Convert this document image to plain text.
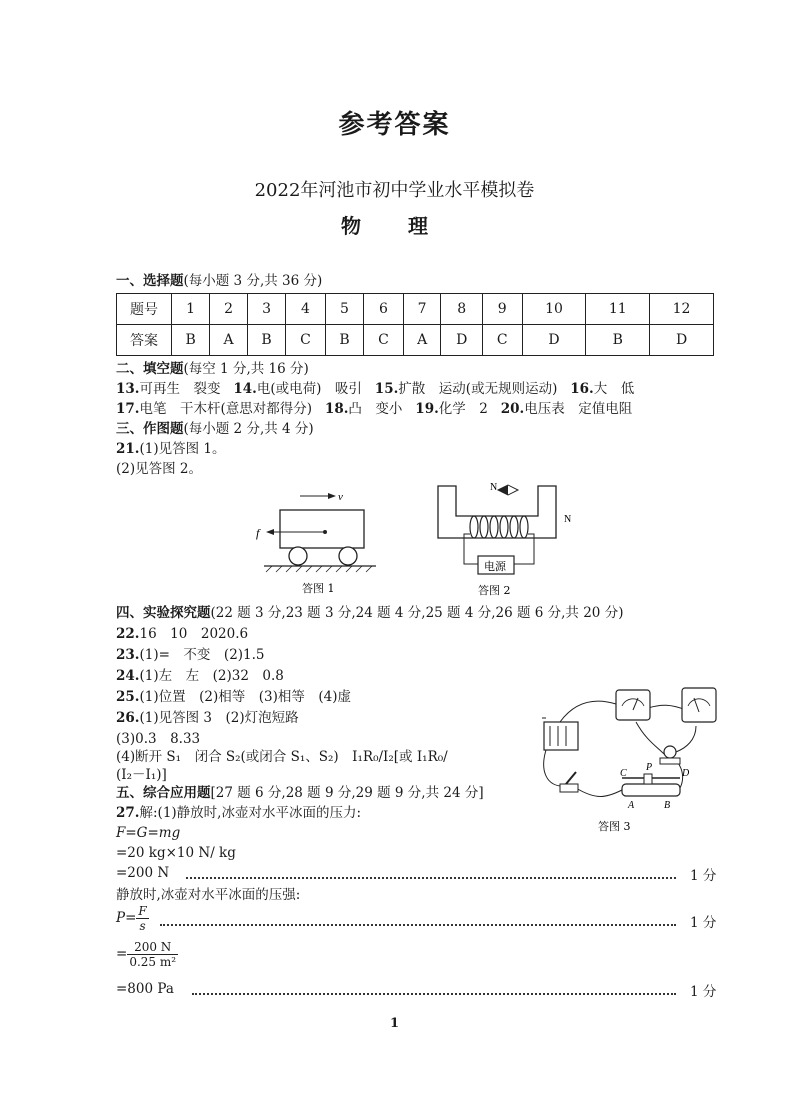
参考答案
2022年河池市初中学业水平模拟卷
物 理
一、选择题(每小题 3 分,共 36 分)
题号	1	2	3	4	5	6	7	8	9	10	11	12
答案	B	A	B	C	B	C	A	D	C	D	B	D
二、填空题(每空 1 分,共 16 分)
13.可再生　裂变 14.电(或电荷)　吸引 15.扩散　运动(或无规则运动) 16.大　低
17.电笔　干木杆(意思对都得分) 18.凸　变小 19.化学　2 20.电压表　定值电阻
三、作图题(每小题 2 分,共 4 分)
21.(1)见答图 1。
(2)见答图 2。
v
f
答图 1
N
电源
N
答图 2
四、实验探究题(22 题 3 分,23 题 3 分,24 题 4 分,25 题 4 分,26 题 6 分,共 20 分)
22.16　10　2020.6
23.(1)=　不变　(2)1.5
24.(1)左　左　(2)32　0.8
25.(1)位置　(2)相等　(3)相等　(4)虚
26.(1)见答图 3　(2)灯泡短路
(3)0.3　8.33
(4)断开 S₁　闭合 S₂(或闭合 S₁、S₂)　I₁R₀/I₂[或 I₁R₀/
(I₂－I₁)]	C
P
D
A	B
答图 3
五、综合应用题[27 题 6 分,28 题 9 分,29 题 9 分,共 24 分]
27.解:(1)静放时,冰壶对水平冰面的压力:
F=G=mg
=20 kg×10 N/ kg
=200 N	1 分
静放时,冰壶对水平冰面的压强:
$P= \frac{F}{s}$	1 分
= $\frac{200 N}{\text{0.25 m²}}$
=800 Pa	1 分
1
